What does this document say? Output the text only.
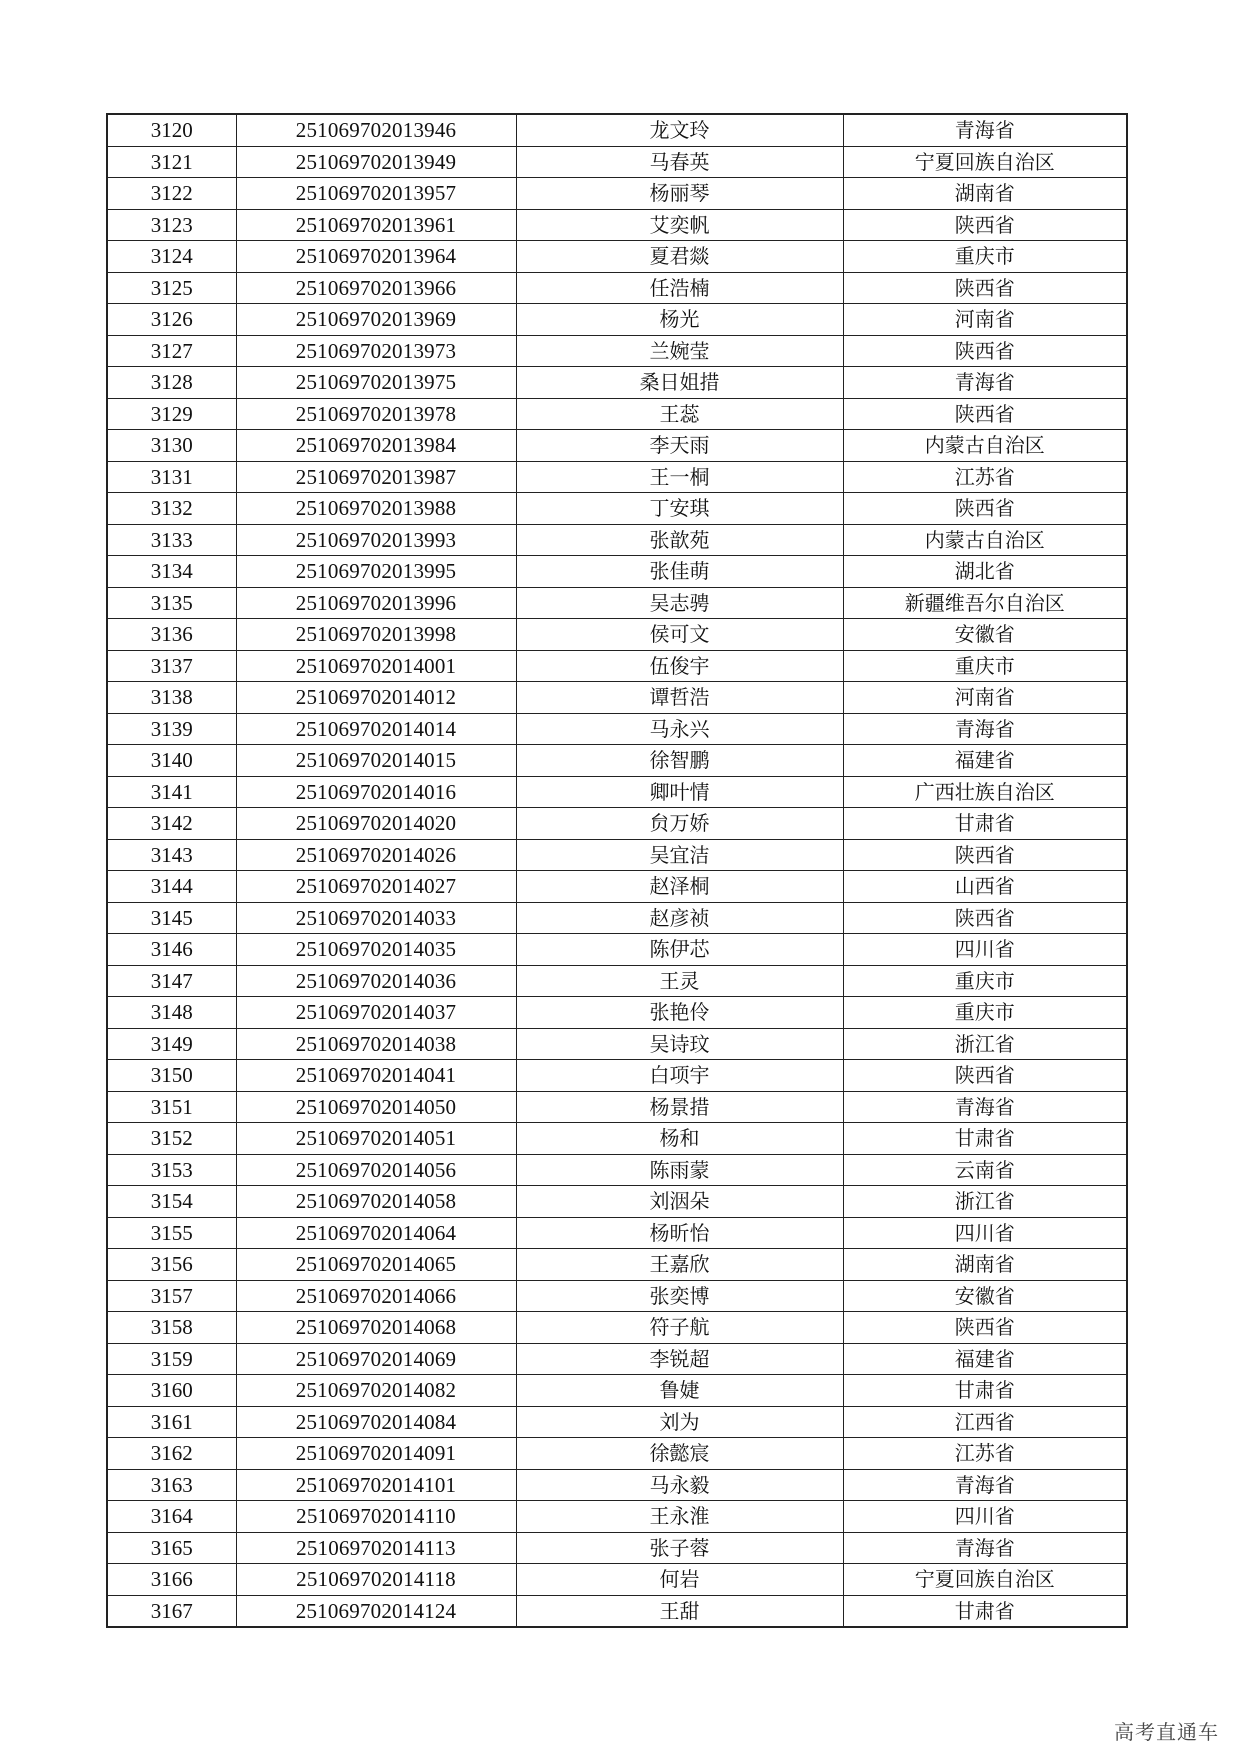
3120	251069702013946	龙文玲	青海省
3121	251069702013949	马春英	宁夏回族自治区
3122	251069702013957	杨丽琴	湖南省
3123	251069702013961	艾奕帆	陕西省
3124	251069702013964	夏君燚	重庆市
3125	251069702013966	任浩楠	陕西省
3126	251069702013969	杨光	河南省
3127	251069702013973	兰婉莹	陕西省
3128	251069702013975	桑日姐措	青海省
3129	251069702013978	王蕊	陕西省
3130	251069702013984	李天雨	内蒙古自治区
3131	251069702013987	王一桐	江苏省
3132	251069702013988	丁安琪	陕西省
3133	251069702013993	张歆苑	内蒙古自治区
3134	251069702013995	张佳萌	湖北省
3135	251069702013996	吴志骋	新疆维吾尔自治区
3136	251069702013998	侯可文	安徽省
3137	251069702014001	伍俊宇	重庆市
3138	251069702014012	谭哲浩	河南省
3139	251069702014014	马永兴	青海省
3140	251069702014015	徐智鹏	福建省
3141	251069702014016	卿叶情	广西壮族自治区
3142	251069702014020	贠万娇	甘肃省
3143	251069702014026	吴宜洁	陕西省
3144	251069702014027	赵泽桐	山西省
3145	251069702014033	赵彦祯	陕西省
3146	251069702014035	陈伊芯	四川省
3147	251069702014036	王灵	重庆市
3148	251069702014037	张艳伶	重庆市
3149	251069702014038	吴诗玟	浙江省
3150	251069702014041	白项宇	陕西省
3151	251069702014050	杨景措	青海省
3152	251069702014051	杨和	甘肃省
3153	251069702014056	陈雨蒙	云南省
3154	251069702014058	刘洇朵	浙江省
3155	251069702014064	杨昕怡	四川省
3156	251069702014065	王嘉欣	湖南省
3157	251069702014066	张奕博	安徽省
3158	251069702014068	符子航	陕西省
3159	251069702014069	李锐超	福建省
3160	251069702014082	鲁婕	甘肃省
3161	251069702014084	刘为	江西省
3162	251069702014091	徐懿宸	江苏省
3163	251069702014101	马永毅	青海省
3164	251069702014110	王永淮	四川省
3165	251069702014113	张子蓉	青海省
3166	251069702014118	何岩	宁夏回族自治区
3167	251069702014124	王甜	甘肃省
高考直通车
